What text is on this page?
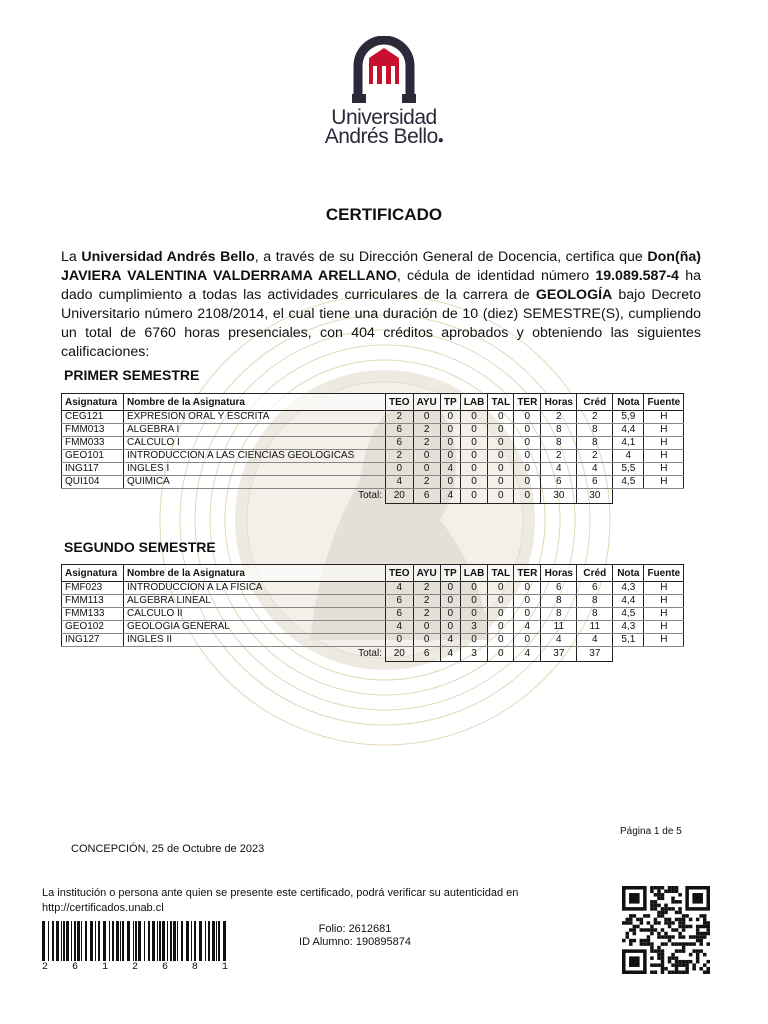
Universidad
Andrés Bello●
CERTIFICADO
La Universidad Andrés Bello, a través de su Dirección General de Docencia, certifica que Don(ña) JAVIERA VALENTINA VALDERRAMA ARELLANO, cédula de identidad número 19.089.587-4 ha dado cumplimiento a todas las actividades curriculares de la carrera de GEOLOGÍA bajo Decreto Universitario número 2108/2014, el cual tiene una duración de 10 (diez) SEMESTRE(S), cumpliendo un total de 6760 horas presenciales, con 404 créditos aprobados y obteniendo las siguientes calificaciones:
PRIMER SEMESTRE
Asignatura	Nombre de la Asignatura	TEO	AYU	TP	LAB	TAL	TER	Horas	Créd	Nota	Fuente
CEG121	EXPRESION ORAL Y ESCRITA	2	0	0	0	0	0	2	2	5,9	H
FMM013	ALGEBRA I	6	2	0	0	0	0	8	8	4,4	H
FMM033	CALCULO I	6	2	0	0	0	0	8	8	4,1	H
GEO101	INTRODUCCION A LAS CIENCIAS GEOLOGICAS	2	0	0	0	0	0	2	2	4	H
ING117	INGLES I	0	0	4	0	0	0	4	4	5,5	H
QUI104	QUIMICA	4	2	0	0	0	0	6	6	4,5	H
	Total:	20	6	4	0	0	0	30	30		
SEGUNDO SEMESTRE
Asignatura	Nombre de la Asignatura	TEO	AYU	TP	LAB	TAL	TER	Horas	Créd	Nota	Fuente
FMF023	INTRODUCCION A LA FISICA	4	2	0	0	0	0	6	6	4,3	H
FMM113	ALGEBRA LINEAL	6	2	0	0	0	0	8	8	4,4	H
FMM133	CALCULO II	6	2	0	0	0	0	8	8	4,5	H
GEO102	GEOLOGIA GENERAL	4	0	0	3	0	4	11	11	4,3	H
ING127	INGLES II	0	0	4	0	0	0	4	4	5,1	H
	Total:	20	6	4	3	0	4	37	37		
Página 1 de 5
CONCEPCIÓN, 25 de Octubre de 2023
La institución o persona ante quien se presente este certificado, podrá verificar su autenticidad en
http://certificados.unab.cl
Folio: 2612681
ID Alumno: 190895874
2 6 1 2 6 8 1
